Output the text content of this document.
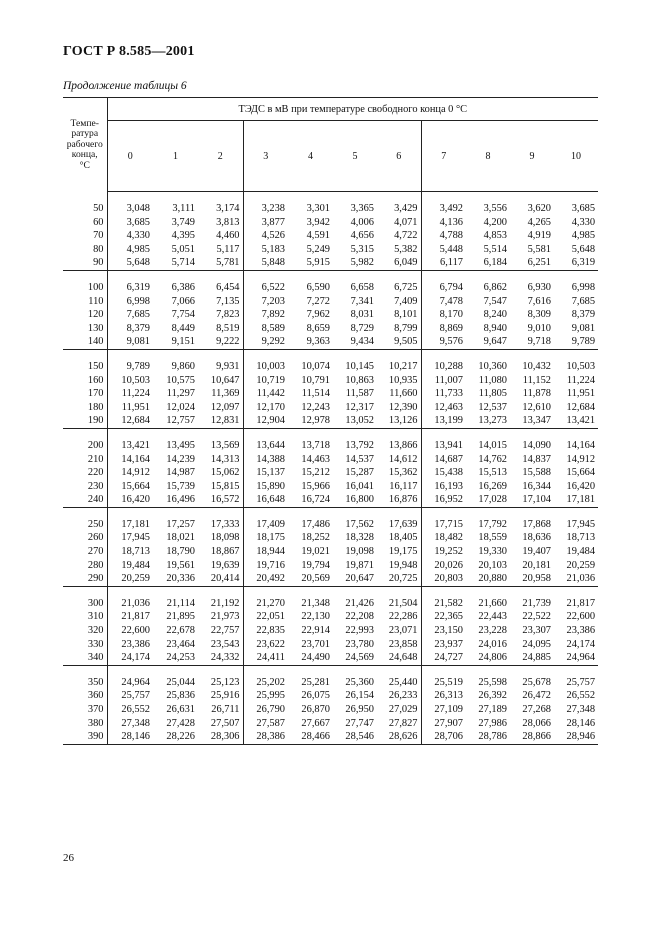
ГОСТ Р 8.585—2001
Продолжение таблицы 6
Темпе-
ратура
рабочего
конца,
°С	ТЭДС в мВ при температуре свободного конца 0 °С										
	0	1	2	3	4	5	6	7	8	9	10

50	3,048	3,111	3,174	3,238	3,301	3,365	3,429	3,492	3,556	3,620	3,685
60	3,685	3,749	3,813	3,877	3,942	4,006	4,071	4,136	4,200	4,265	4,330
70	4,330	4,395	4,460	4,526	4,591	4,656	4,722	4,788	4,853	4,919	4,985
80	4,985	5,051	5,117	5,183	5,249	5,315	5,382	5,448	5,514	5,581	5,648
90	5,648	5,714	5,781	5,848	5,915	5,982	6,049	6,117	6,184	6,251	6,319

100	6,319	6,386	6,454	6,522	6,590	6,658	6,725	6,794	6,862	6,930	6,998
110	6,998	7,066	7,135	7,203	7,272	7,341	7,409	7,478	7,547	7,616	7,685
120	7,685	7,754	7,823	7,892	7,962	8,031	8,101	8,170	8,240	8,309	8,379
130	8,379	8,449	8,519	8,589	8,659	8,729	8,799	8,869	8,940	9,010	9,081
140	9,081	9,151	9,222	9,292	9,363	9,434	9,505	9,576	9,647	9,718	9,789

150	9,789	9,860	9,931	10,003	10,074	10,145	10,217	10,288	10,360	10,432	10,503
160	10,503	10,575	10,647	10,719	10,791	10,863	10,935	11,007	11,080	11,152	11,224
170	11,224	11,297	11,369	11,442	11,514	11,587	11,660	11,733	11,805	11,878	11,951
180	11,951	12,024	12,097	12,170	12,243	12,317	12,390	12,463	12,537	12,610	12,684
190	12,684	12,757	12,831	12,904	12,978	13,052	13,126	13,199	13,273	13,347	13,421

200	13,421	13,495	13,569	13,644	13,718	13,792	13,866	13,941	14,015	14,090	14,164
210	14,164	14,239	14,313	14,388	14,463	14,537	14,612	14,687	14,762	14,837	14,912
220	14,912	14,987	15,062	15,137	15,212	15,287	15,362	15,438	15,513	15,588	15,664
230	15,664	15,739	15,815	15,890	15,966	16,041	16,117	16,193	16,269	16,344	16,420
240	16,420	16,496	16,572	16,648	16,724	16,800	16,876	16,952	17,028	17,104	17,181

250	17,181	17,257	17,333	17,409	17,486	17,562	17,639	17,715	17,792	17,868	17,945
260	17,945	18,021	18,098	18,175	18,252	18,328	18,405	18,482	18,559	18,636	18,713
270	18,713	18,790	18,867	18,944	19,021	19,098	19,175	19,252	19,330	19,407	19,484
280	19,484	19,561	19,639	19,716	19,794	19,871	19,948	20,026	20,103	20,181	20,259
290	20,259	20,336	20,414	20,492	20,569	20,647	20,725	20,803	20,880	20,958	21,036

300	21,036	21,114	21,192	21,270	21,348	21,426	21,504	21,582	21,660	21,739	21,817
310	21,817	21,895	21,973	22,051	22,130	22,208	22,286	22,365	22,443	22,522	22,600
320	22,600	22,678	22,757	22,835	22,914	22,993	23,071	23,150	23,228	23,307	23,386
330	23,386	23,464	23,543	23,622	23,701	23,780	23,858	23,937	24,016	24,095	24,174
340	24,174	24,253	24,332	24,411	24,490	24,569	24,648	24,727	24,806	24,885	24,964

350	24,964	25,044	25,123	25,202	25,281	25,360	25,440	25,519	25,598	25,678	25,757
360	25,757	25,836	25,916	25,995	26,075	26,154	26,233	26,313	26,392	26,472	26,552
370	26,552	26,631	26,711	26,790	26,870	26,950	27,029	27,109	27,189	27,268	27,348
380	27,348	27,428	27,507	27,587	27,667	27,747	27,827	27,907	27,986	28,066	28,146
390	28,146	28,226	28,306	28,386	28,466	28,546	28,626	28,706	28,786	28,866	28,946
26
